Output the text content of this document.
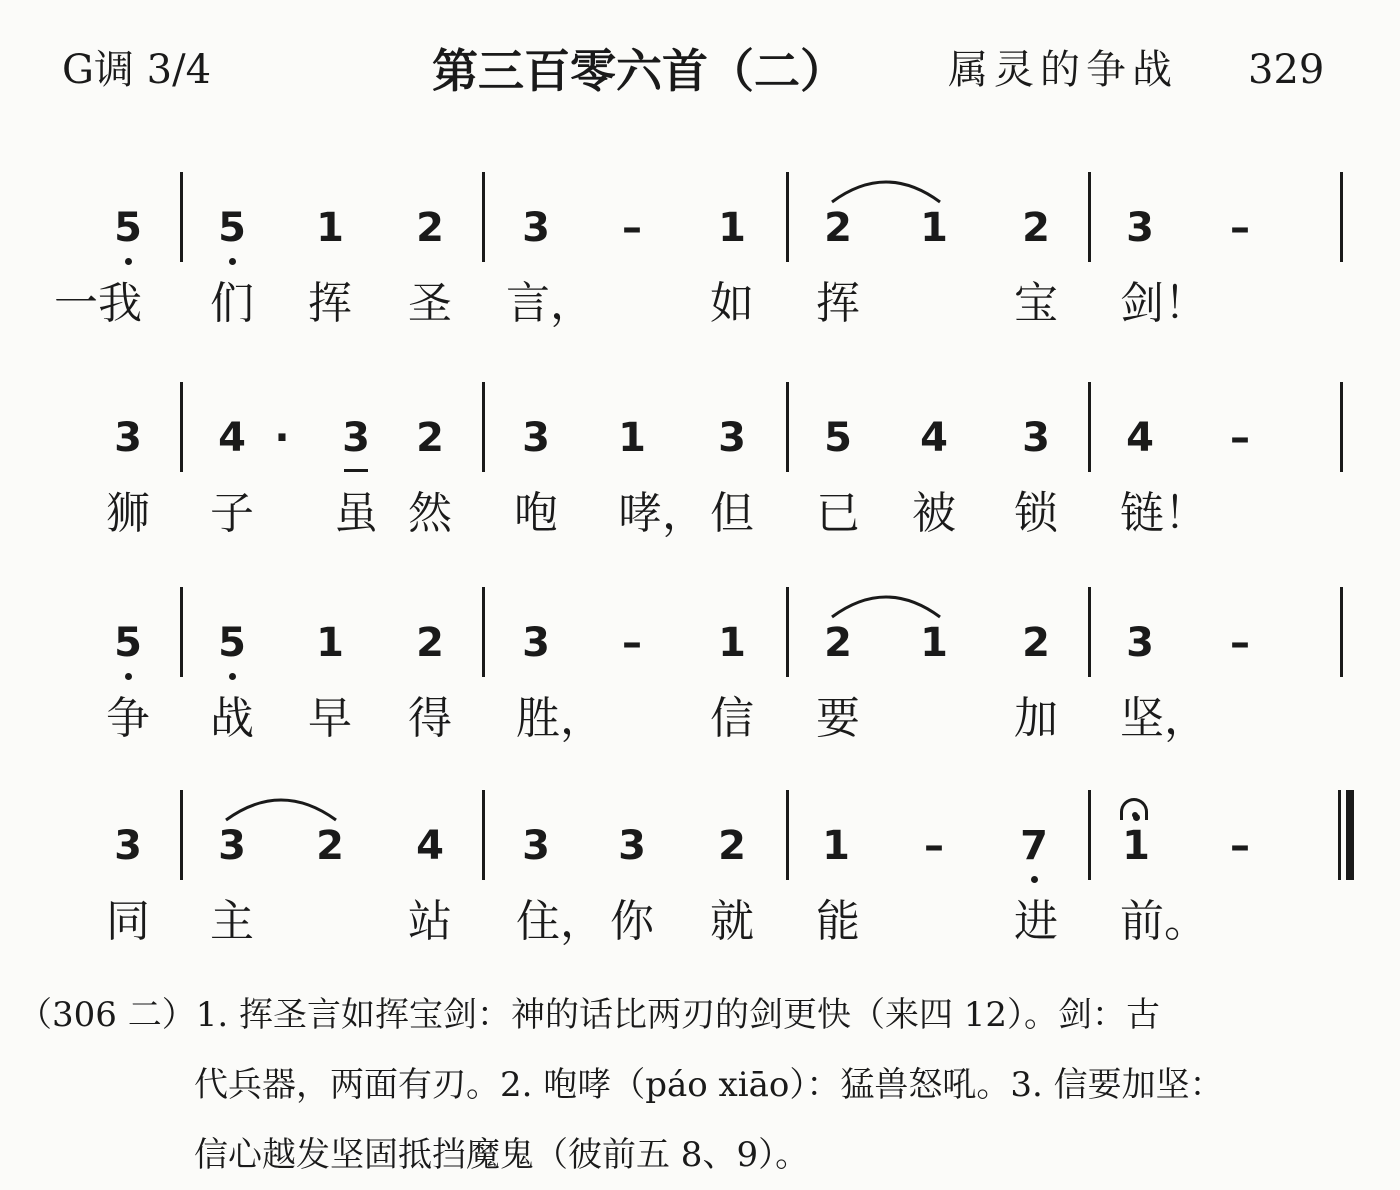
G调 3/4	第三百零六首（二）	属灵的争战 329
5 5 1 2 3 – 1 2 1 2 3 –
一我	们 挥 圣 言，	如 挥	宝 剑！
3 4 ·	3 2 3 1 3 5 4 3 4 –
狮 子 虽 然 咆 哮， 但 已 被 锁 链！
5 5 1 2 3 – 1 2 1 2 3 –
争 战 早 得 胜， 信 要	加 坚，
3 3 2 4 3 3 2 1 – 7 1 –
同 主	站 住， 你 就 能	进 前。

（306 二）1. 挥圣言如挥宝剑：神的话比两刃的剑更快（来四 12）。剑：古

代兵器，两面有刃。2. 咆哮（páo xiāo）：猛兽怒吼。3. 信要加坚：

信心越发坚固抵挡魔鬼（彼前五 8、9）。
